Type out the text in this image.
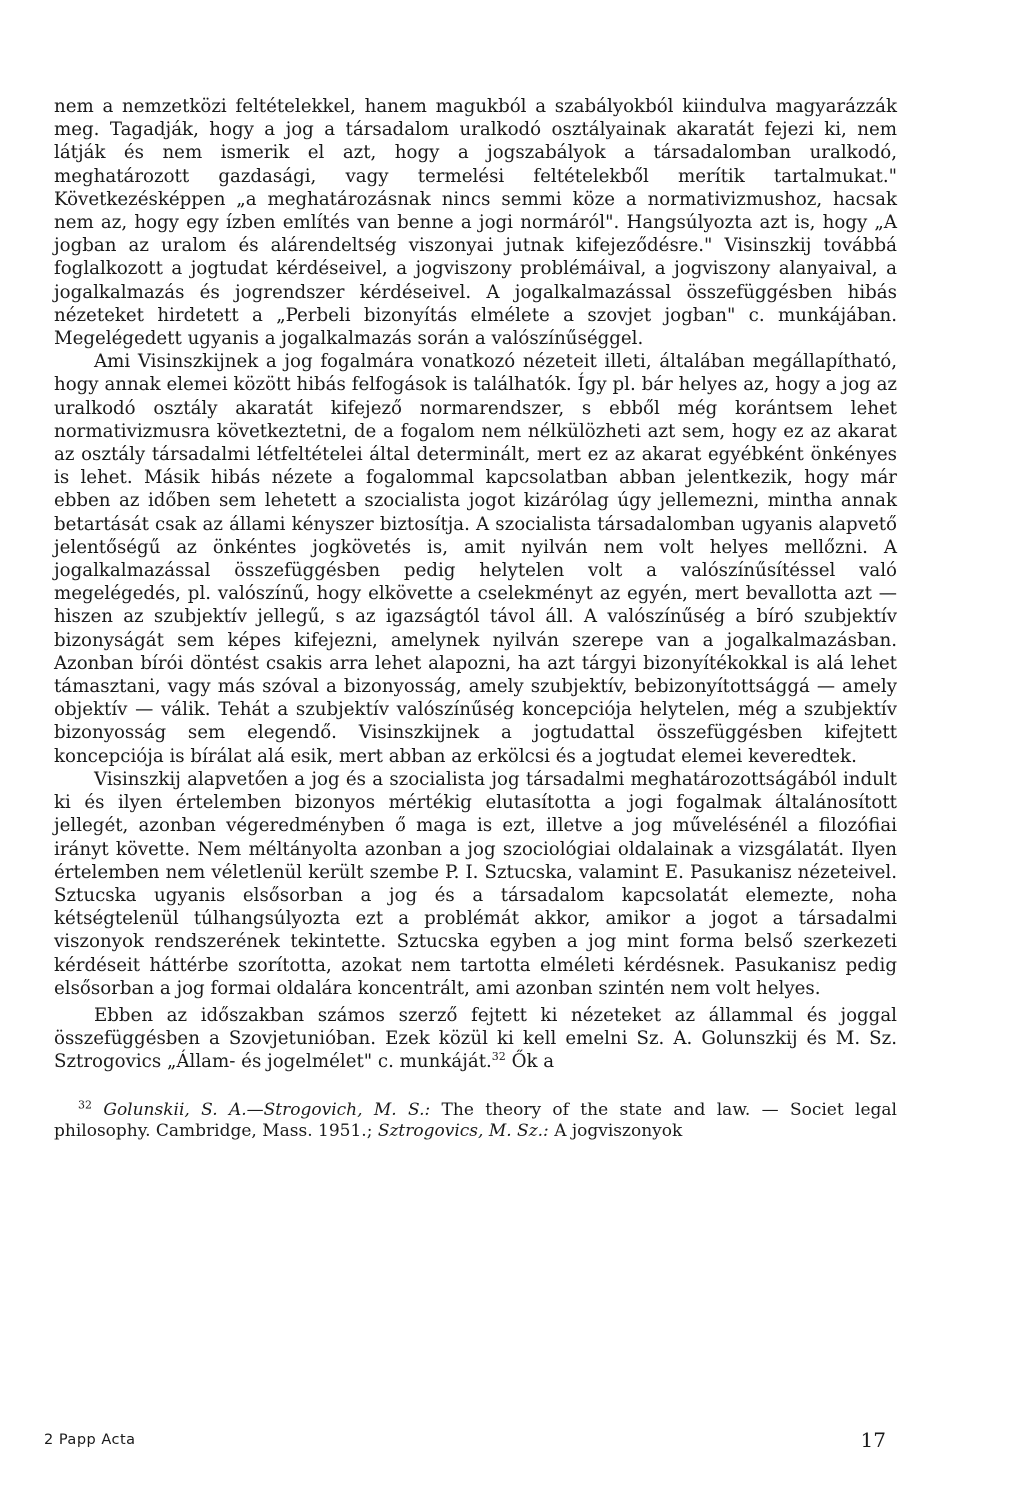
nem a nemzetközi feltételekkel, hanem magukból a szabályokból kiindulva magyarázzák meg. Tagadják, hogy a jog a társadalom uralkodó osztályainak akaratát fejezi ki, nem látják és nem ismerik el azt, hogy a jogszabályok a társadalomban uralkodó, meghatározott gazdasági, vagy termelési feltételekből merítik tartalmukat." Következésképpen „a meghatározásnak nincs semmi köze a normativizmushoz, hacsak nem az, hogy egy ízben említés van benne a jogi normáról". Hangsúlyozta azt is, hogy „A jogban az uralom és alárendeltség viszonyai jutnak kifejeződésre." Visinszkij továbbá foglalkozott a jogtudat kérdéseivel, a jogviszony problémáival, a jogviszony alanyaival, a jogalkalmazás és jogrendszer kérdéseivel. A jogalkalmazással összefüggésben hibás nézeteket hirdetett a „Perbeli bizonyítás elmélete a szovjet jogban" c. munkájában. Megelégedett ugyanis a jogalkalmazás során a valószínűséggel.

Ami Visinszkijnek a jog fogalmára vonatkozó nézeteit illeti, általában megállapítható, hogy annak elemei között hibás felfogások is találhatók. Így pl. bár helyes az, hogy a jog az uralkodó osztály akaratát kifejező normarendszer, s ebből még korántsem lehet normativizmusra következtetni, de a fogalom nem nélkülözheti azt sem, hogy ez az akarat az osztály társadalmi létfeltételei által determinált, mert ez az akarat egyébként önkényes is lehet. Másik hibás nézete a fogalommal kapcsolatban abban jelentkezik, hogy már ebben az időben sem lehetett a szocialista jogot kizárólag úgy jellemezni, mintha annak betartását csak az állami kényszer biztosítja. A szocialista társadalomban ugyanis alapvető jelentőségű az önkéntes jogkövetés is, amit nyilván nem volt helyes mellőzni. A jogalkalmazással összefüggésben pedig helytelen volt a valószínűsítéssel való megelégedés, pl. valószínű, hogy elkövette a cselekményt az egyén, mert bevallotta azt — hiszen az szubjektív jellegű, s az igazságtól távol áll. A valószínűség a bíró szubjektív bizonyságát sem képes kifejezni, amelynek nyilván szerepe van a jogalkalmazásban. Azonban bírói döntést csakis arra lehet alapozni, ha azt tárgyi bizonyítékokkal is alá lehet támasztani, vagy más szóval a bizonyosság, amely szubjektív, bebizonyítottsággá — amely objektív — válik. Tehát a szubjektív valószínűség koncepciója helytelen, még a szubjektív bizonyosság sem elegendő. Visinszkijnek a jogtudattal összefüggésben kifejtett koncepciója is bírálat alá esik, mert abban az erkölcsi és a jogtudat elemei keveredtek.

Visinszkij alapvetően a jog és a szocialista jog társadalmi meghatározottságából indult ki és ilyen értelemben bizonyos mértékig elutasította a jogi fogalmak általánosított jellegét, azonban végeredményben ő maga is ezt, illetve a jog művelésénél a filozófiai irányt követte. Nem méltányolta azonban a jog szociológiai oldalainak a vizsgálatát. Ilyen értelemben nem véletlenül került szembe P. I. Sztucska, valamint E. Pasukanisz nézeteivel. Sztucska ugyanis elsősorban a jog és a társadalom kapcsolatát elemezte, noha kétségtelenül túlhangsúlyozta ezt a problémát akkor, amikor a jogot a társadalmi viszonyok rendszerének tekintette. Sztucska egyben a jog mint forma belső szerkezeti kérdéseit háttérbe szorította, azokat nem tartotta elméleti kérdésnek. Pasukanisz pedig elsősorban a jog formai oldalára koncentrált, ami azonban szintén nem volt helyes.

Ebben az időszakban számos szerző fejtett ki nézeteket az állammal és joggal összefüggésben a Szovjetunióban. Ezek közül ki kell emelni Sz. A. Golunszkij és M. Sz. Sztrogovics „Állam- és jogelmélet" c. munkáját.$^{32}$ Ők a

$^{32}$ Golunskii, S. A.—Strogovich, M. S.: The theory of the state and law. — Societ legal philosophy. Cambridge, Mass. 1951.; Sztrogovics, M. Sz.: A jogviszonyok

2 Papp Acta	17
